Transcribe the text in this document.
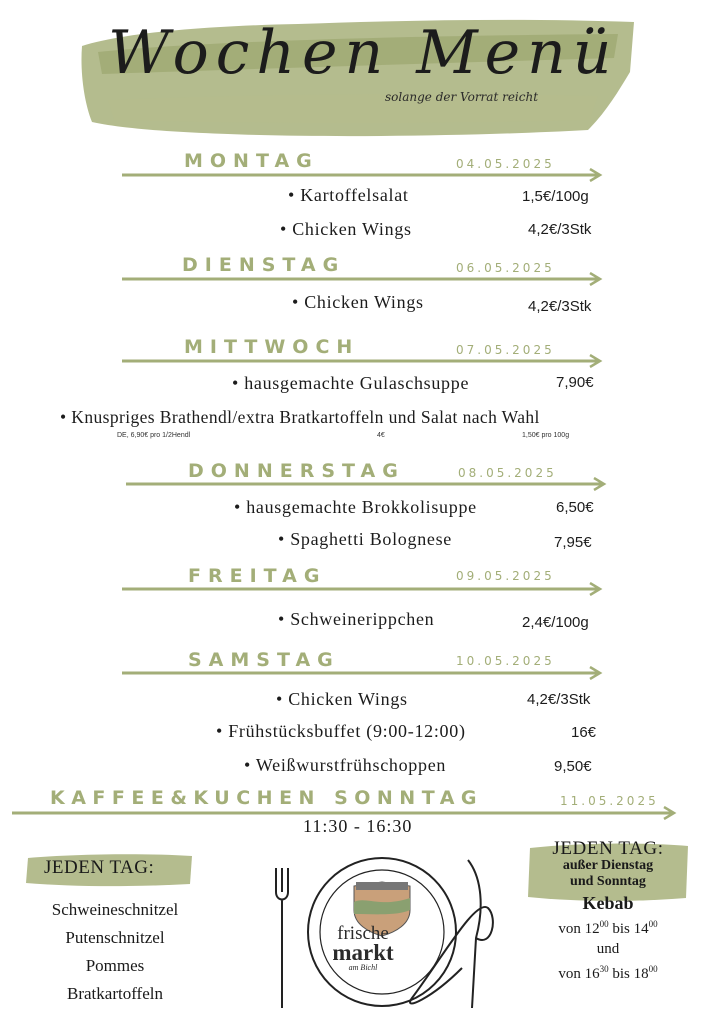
Wochen Menü
solange der Vorrat reicht
MONTAG	04.05.2025
• Kartoffelsalat	1,5€/100g
• Chicken Wings	4,2€/3Stk
DIENSTAG	06.05.2025
• Chicken Wings	4,2€/3Stk
MITTWOCH	07.05.2025
• hausgemachte Gulaschsuppe	7,90€
• Knuspriges Brathendl/extra Bratkartoffeln und Salat nach Wahl
DE, 6,90€ pro 1/2Hendl	4€	1,50€ pro 100g
DONNERSTAG	08.05.2025
• hausgemachte Brokkolisuppe	6,50€
• Spaghetti Bolognese	7,95€
FREITAG	09.05.2025
• Schweinerippchen	2,4€/100g
SAMSTAG	10.05.2025
• Chicken Wings	4,2€/3Stk
• Frühstücksbuffet (9:00-12:00)	16€
• Weißwurstfrühschoppen	9,50€
KAFFEE&KUCHEN SONNTAG	11.05.2025
11:30 - 16:30
JEDEN TAG:
Schweineschnitzel
Putenschnitzel
Pommes
Bratkartoffeln
frische
markt
am Bichl
JEDEN TAG:
außer Dienstag
und Sonntag
Kebab
von $12^{00}$ bis $14^{00}$
und
von $16^{30}$ bis $18^{00}$
